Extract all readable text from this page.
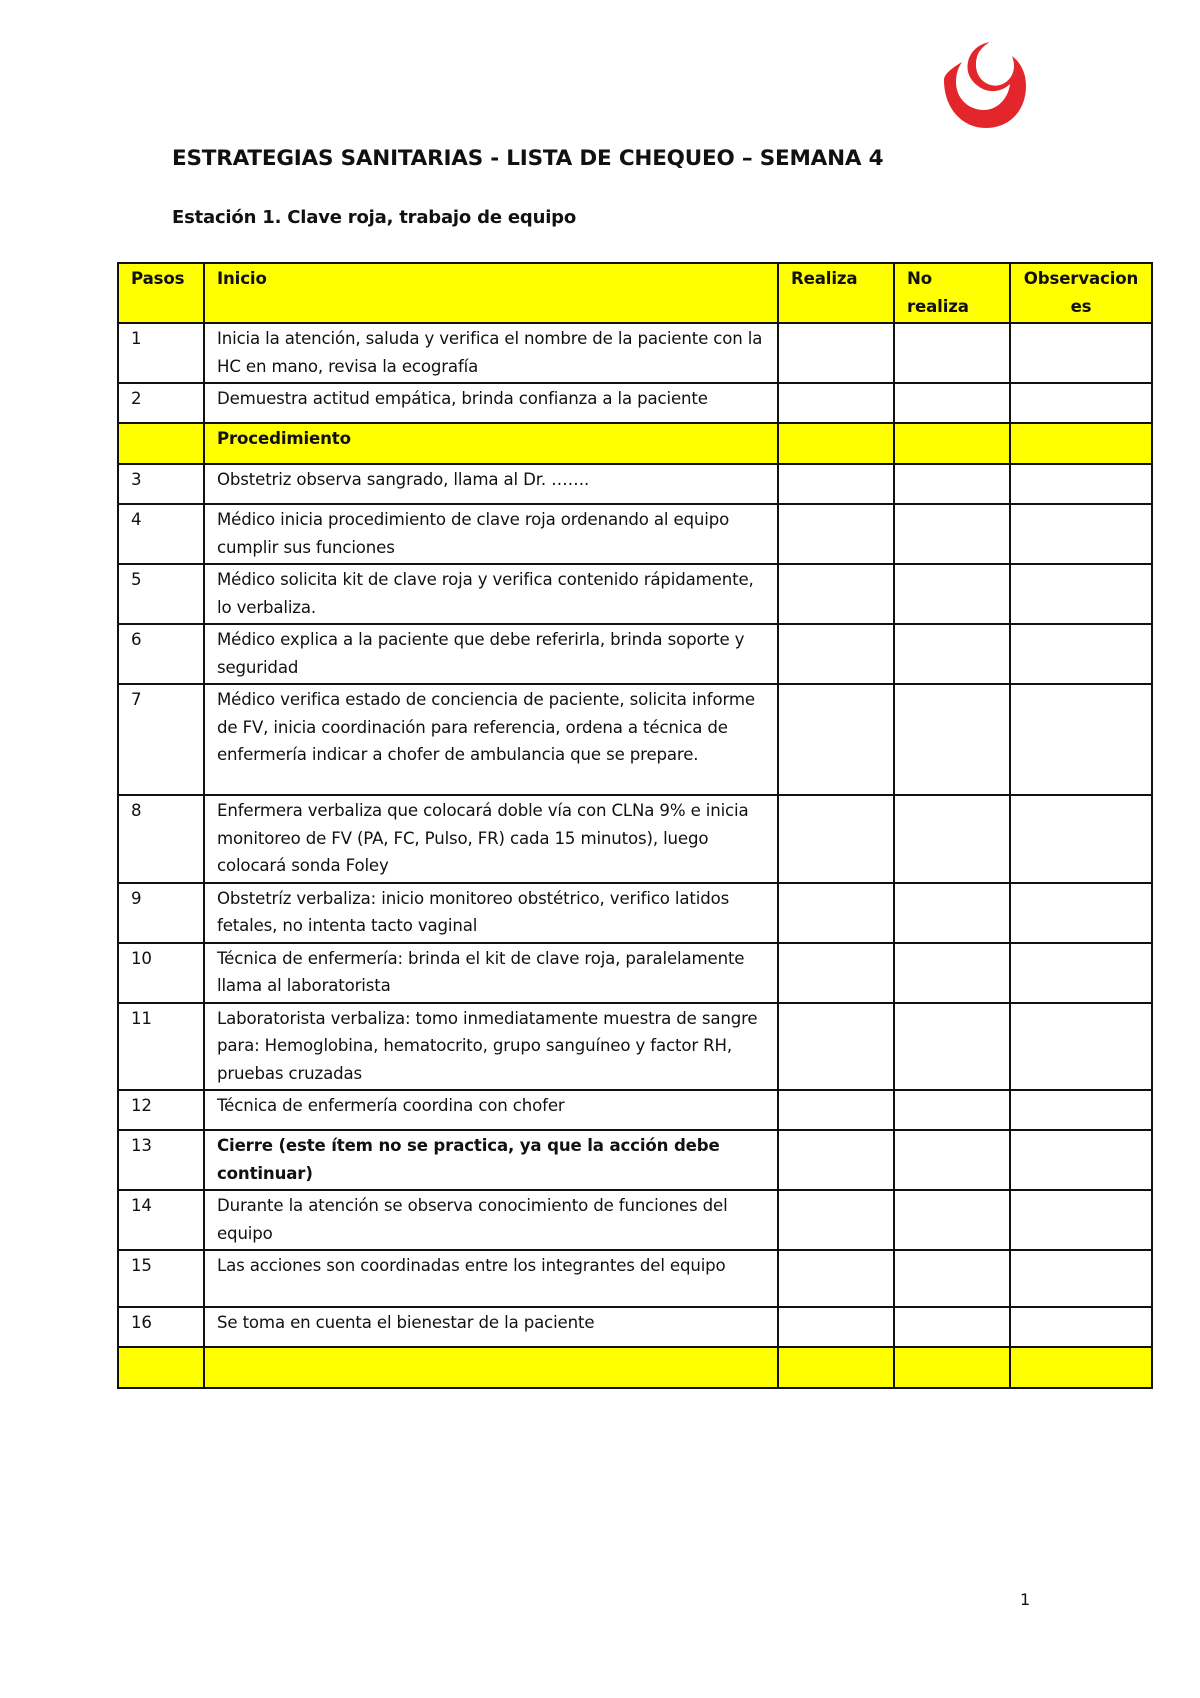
ESTRATEGIAS SANITARIAS - LISTA DE CHEQUEO – SEMANA 4
Estación 1. Clave roja, trabajo de equipo
Pasos	Inicio	Realiza	No realiza	Observaciones
1	Inicia la atención, saluda y verifica el nombre de la paciente con la HC en mano, revisa la ecografía			
2	Demuestra actitud empática, brinda confianza a la paciente			
	Procedimiento			
3	Obstetriz observa sangrado, llama al Dr. …….			
4	Médico inicia procedimiento de clave roja ordenando al equipo cumplir sus funciones			
5	Médico solicita kit de clave roja y verifica contenido rápidamente, lo verbaliza.			
6	Médico explica a la paciente que debe referirla, brinda soporte y seguridad			
7	Médico verifica estado de conciencia de paciente, solicita informe de FV, inicia coordinación para referencia, ordena a técnica de enfermería indicar a chofer de ambulancia que se prepare.			
8	Enfermera verbaliza que colocará doble vía con CLNa 9% e inicia monitoreo de FV (PA, FC, Pulso, FR) cada 15 minutos), luego colocará sonda Foley			
9	Obstetríz verbaliza: inicio monitoreo obstétrico, verifico latidos fetales, no intenta tacto vaginal			
10	Técnica de enfermería: brinda el kit de clave roja, paralelamente llama al laboratorista			
11	Laboratorista verbaliza: tomo inmediatamente muestra de sangre para: Hemoglobina, hematocrito, grupo sanguíneo y factor RH, pruebas cruzadas			
12	Técnica de enfermería coordina con chofer			
13	Cierre (este ítem no se practica, ya que la acción debe continuar)			
14	Durante la atención se observa conocimiento de funciones del equipo			
15	Las acciones son coordinadas entre los integrantes del equipo			
16	Se toma en cuenta el bienestar de la paciente			

1
